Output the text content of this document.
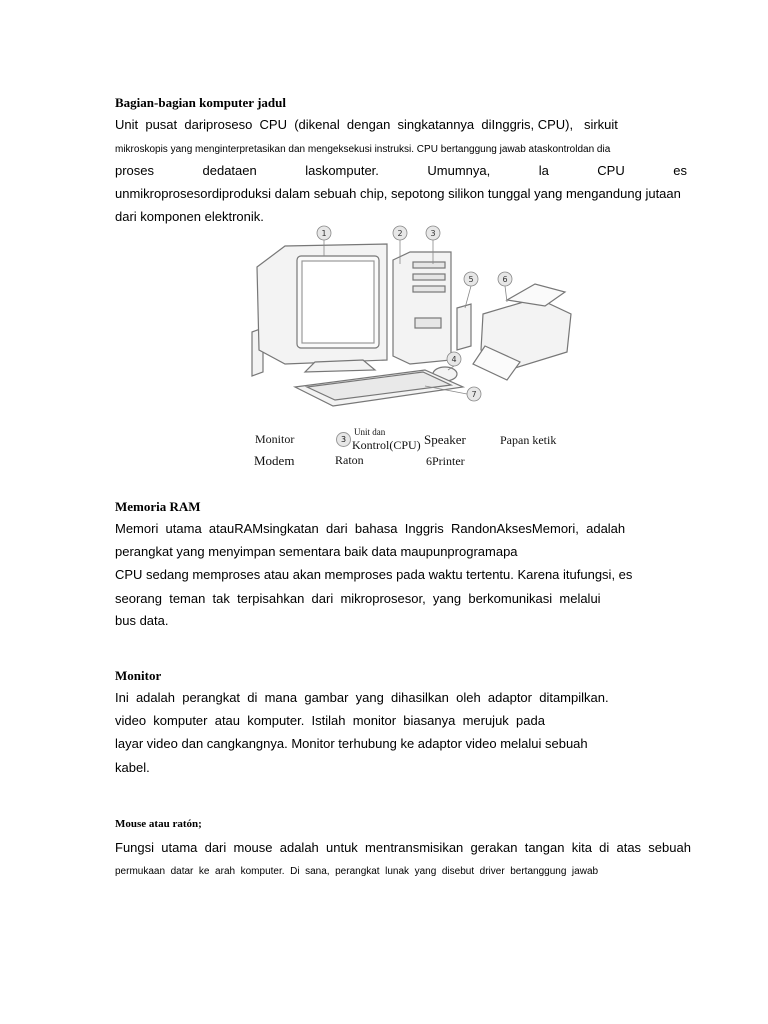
Bagian-bagian komputer jadul
Unit  pusat  dariproseso  CPU  (dikenal  dengan  singkatannya  diInggris, CPU),   sirkuit
mikroskopis yang menginterpretasikan dan mengeksekusi instruksi. CPU bertanggung jawab ataskontroldan dia
proses	dedataen	laskomputer.	Umumnya,	la	CPU	es
unmikroprosesordiproduksi dalam sebuah chip, sepotong silikon tunggal yang mengandung jutaan
dari komponen elektronik.
1	2	3
4
5	6
7
Monitor	3
Unit dan
Kontrol(CPU) Speaker	Papan ketik
Modem	Raton	6Printer
Memoria RAM
Memori  utama  atauRAMsingkatan  dari  bahasa  Inggris  RandonAksesMemori,  adalah
perangkat yang menyimpan sementara baik data maupunprogramapa
CPU sedang memproses atau akan memproses pada waktu tertentu. Karena itufungsi, es
seorang  teman  tak  terpisahkan  dari  mikroprosesor,  yang  berkomunikasi  melalui
bus data.
Monitor
Ini  adalah  perangkat  di  mana  gambar  yang  dihasilkan  oleh  adaptor  ditampilkan.
video  komputer  atau  komputer.  Istilah  monitor  biasanya  merujuk  pada
layar video dan cangkangnya. Monitor terhubung ke adaptor video melalui sebuah
kabel.
Mouse atau ratón;
Fungsi  utama  dari  mouse  adalah  untuk  mentransmisikan  gerakan  tangan  kita  di  atas  sebuah
permukaan  datar  ke  arah  komputer.  Di  sana,  perangkat  lunak  yang  disebut  driver  bertanggung  jawab
